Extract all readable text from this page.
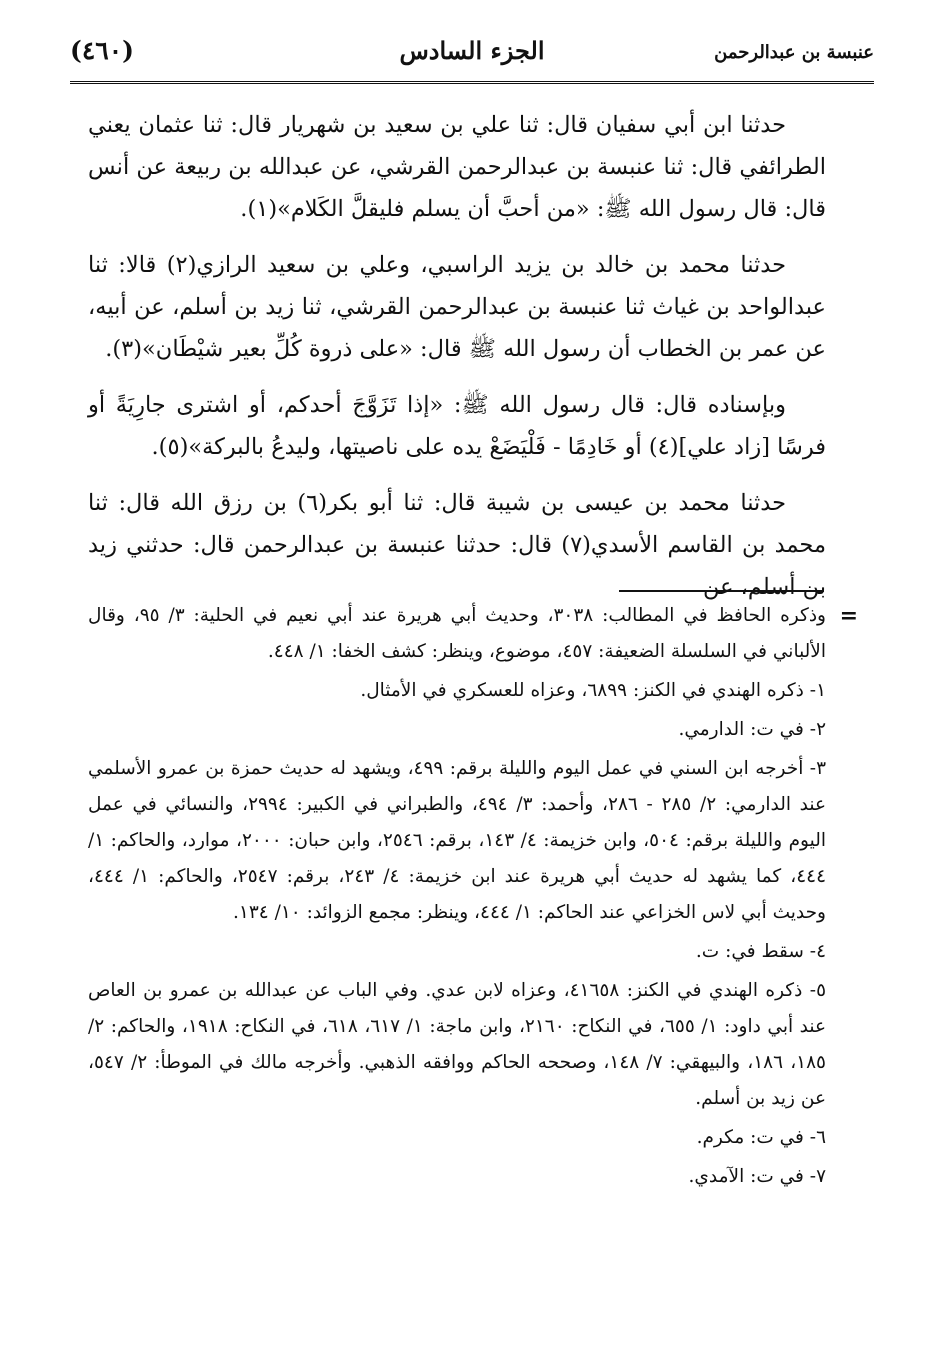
(٤٦٠)	الجزء السادس	عنبسة بن عبدالرحمن

حدثنا ابن أبي سفيان قال: ثنا علي بن سعيد بن شهريار قال: ثنا عثمان يعني الطرائفي قال: ثنا عنبسة بن عبدالرحمن القرشي، عن عبدالله بن ربيعة عن أنس قال: قال رسول الله ﷺ: «من أحبَّ أن يسلم فليقلَّ الكَلام»(١).

حدثنا محمد بن خالد بن يزيد الراسبي، وعلي بن سعيد الرازي(٢) قالا: ثنا عبدالواحد بن غياث ثنا عنبسة بن عبدالرحمن القرشي، ثنا زيد بن أسلم، عن أبيه، عن عمر بن الخطاب أن رسول الله ﷺ قال: «على ذروة كُلِّ بعير شيْطَان»(٣).

وبإسناده قال: قال رسول الله ﷺ: «إذا تَزَوَّجَ أحدكم، أو اشترى جارِيَةً أو فرسًا [زاد علي](٤) أو خَادِمًا - فَلْيَضَعْ يده على ناصيتها، وليدعُ بالبركة»(٥).

حدثنا محمد بن عيسى بن شيبة قال: ثنا أبو بكر(٦) بن رزق الله قال: ثنا محمد بن القاسم الأسدي(٧) قال: حدثنا عنبسة بن عبدالرحمن قال: حدثني زيد بن أسلم، عن

=
وذكره الحافظ في المطالب: ٣٠٣٨، وحديث أبي هريرة عند أبي نعيم في الحلية: ٣/ ٩٥، وقال الألباني في السلسلة الضعيفة: ٤٥٧، موضوع، وينظر: كشف الخفا: ١/ ٤٤٨.

١- ذكره الهندي في الكنز: ٦٨٩٩، وعزاه للعسكري في الأمثال.

٢- في ت: الدارمي.

٣- أخرجه ابن السني في عمل اليوم والليلة برقم: ٤٩٩، ويشهد له حديث حمزة بن عمرو الأسلمي عند الدارمي: ٢/ ٢٨٥ - ٢٨٦، وأحمد: ٣/ ٤٩٤، والطبراني في الكبير: ٢٩٩٤، والنسائي في عمل اليوم والليلة برقم: ٥٠٤، وابن خزيمة: ٤/ ١٤٣، برقم: ٢٥٤٦، وابن حبان: ٢٠٠٠، موارد، والحاكم: ١/ ٤٤٤، كما يشهد له حديث أبي هريرة عند ابن خزيمة: ٤/ ٢٤٣، برقم: ٢٥٤٧، والحاكم: ١/ ٤٤٤، وحديث أبي لاس الخزاعي عند الحاكم: ١/ ٤٤٤، وينظر: مجمع الزوائد: ١٠/ ١٣٤.

٤- سقط في: ت.

٥- ذكره الهندي في الكنز: ٤١٦٥٨، وعزاه لابن عدي. وفي الباب عن عبدالله بن عمرو بن العاص عند أبي داود: ١/ ٦٥٥، في النكاح: ٢١٦٠، وابن ماجة: ١/ ٦١٧، ٦١٨، في النكاح: ١٩١٨، والحاكم: ٢/ ١٨٥، ١٨٦، والبيهقي: ٧/ ١٤٨، وصححه الحاكم ووافقه الذهبي. وأخرجه مالك في الموطأ: ٢/ ٥٤٧، عن زيد بن أسلم.

٦- في ت: مكرم.

٧- في ت: الآمدي.
